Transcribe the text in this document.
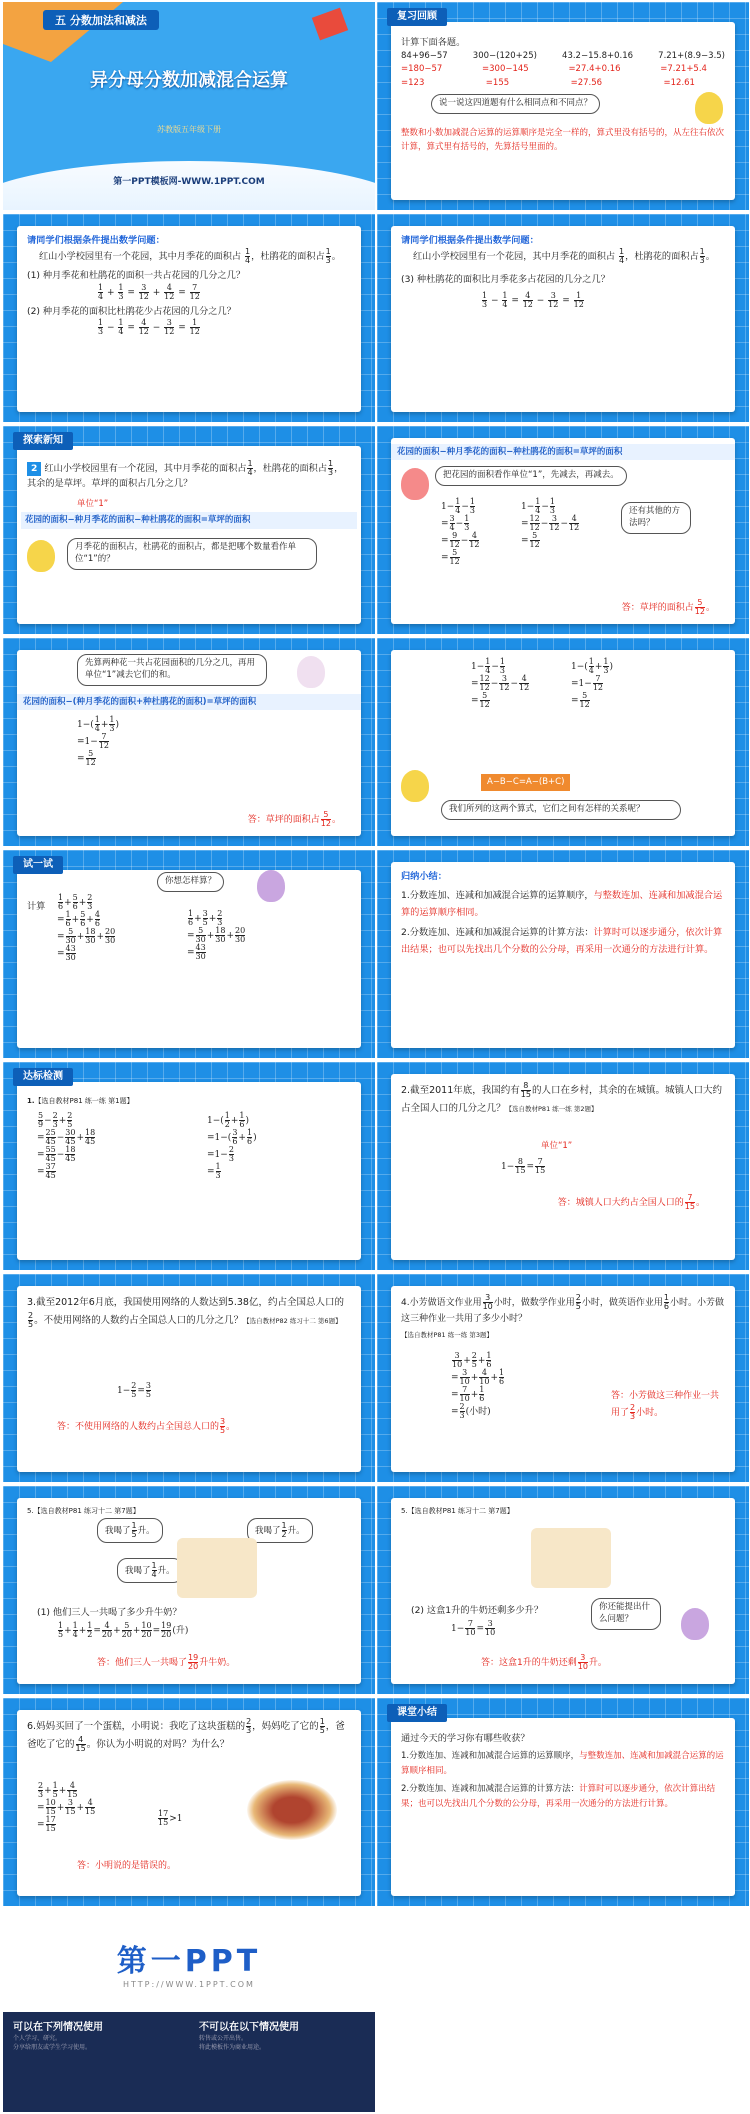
五 分数加法和减法
异分母分数加减混合运算
苏教版五年级下册
第一PPT模板网-WWW.1PPT.COM
复习回顾
计算下面各题。
84+96−57	300−(120+25)	43.2−15.8+0.16	7.21+(8.9−3.5)
=180−57	=300−145	=27.4+0.16	=7.21+5.4
=123	=155	=27.56	=12.61
说一说这四道题有什么相同点和不同点？
整数和小数加减混合运算的运算顺序是完全一样的，算式里没有括号的，从左往右依次计算，算式里有括号的，先算括号里面的。
请同学们根据条件提出数学问题：
红山小学校园里有一个花园，其中月季花的面积占 $\frac{1}{4}$ ，杜鹃花的面积占 $\frac{1}{3}$ 。
(1) 种月季花和杜鹃花的面积一共占花园的几分之几？
$\frac{1}{4} + \frac{1}{3} = \frac{3}{12} + \frac{4}{12} = \frac{7}{12}$
(2) 种月季花的面积比杜鹃花少占花园的几分之几？
$\frac{1}{3} - \frac{1}{4} = \frac{4}{12} - \frac{3}{12} = \frac{1}{12}$
请同学们根据条件提出数学问题：
红山小学校园里有一个花园，其中月季花的面积占 $\frac{1}{4}$ ，杜鹃花的面积占 $\frac{1}{3}$ 。
(3) 种杜鹃花的面积比月季花多占花园的几分之几？
$\frac{1}{3} - \frac{1}{4} = \frac{4}{12} - \frac{3}{12} = \frac{1}{12}$
探索新知
2 红山小学校园里有一个花园，其中月季花的面积占 $\frac{1}{4}$ ，杜鹃花的面积占 $\frac{1}{3}$ ，其余的是草坪。草坪的面积占几分之几？
单位“1”
花园的面积−种月季花的面积−种杜鹃花的面积=草坪的面积
月季花的面积占，杜鹃花的面积占，都是把哪个数量看作单位“1”的？
花园的面积−种月季花的面积−种杜鹃花的面积=草坪的面积
把花园的面积看作单位“1”，先减去，再减去。
$1- \frac{1}{4} - \frac{1}{3}$

= $\frac{3}{4} - \frac{1}{3}$

= $\frac{9}{12} - \frac{4}{12}$

= $\frac{5}{12}$
$1- \frac{1}{4} - \frac{1}{3}$

= $\frac{12}{12} - \frac{3}{12} - \frac{4}{12}$

= $\frac{5}{12}$
还有其他的方法吗？
答：草坪的面积占 $\frac{5}{12}$ 。
先算两种花一共占花园面积的几分之几，再用单位“1”减去它们的和。
花园的面积−(种月季花的面积+种杜鹃花的面积)=草坪的面积
$1-( \frac{1}{4} + \frac{1}{3}$ )
$=1- \frac{7}{12}$

= $\frac{5}{12}$
答：草坪的面积占 $\frac{5}{12}$ 。
$1- \frac{1}{4} - \frac{1}{3}$

= $\frac{12}{12} - \frac{3}{12} - \frac{4}{12}$

= $\frac{5}{12}$
$1-( \frac{1}{4} + \frac{1}{3}$ )
$=1- \frac{7}{12}$

= $\frac{5}{12}$
A−B−C=A−(B+C)
我们所列的这两个算式，它们之间有怎样的关系呢？
试一试
你想怎样算？
计算 $\frac{1}{6} + \frac{5}{6} + \frac{2}{3}$

= $\frac{1}{6} + \frac{5}{6} + \frac{4}{6}$

= $\frac{5}{30} + \frac{18}{30} + \frac{20}{30}$

= $\frac{43}{30}$
$\frac{1}{6} + \frac{3}{5} + \frac{2}{3}$

= $\frac{5}{30} + \frac{18}{30} + \frac{20}{30}$

= $\frac{43}{30}$
归纳小结：
1.分数连加、连减和加减混合运算的运算顺序，与整数连加、连减和加减混合运算的运算顺序相同。
2.分数连加、连减和加减混合运算的计算方法：计算时可以逐步通分，依次计算出结果；也可以先找出几个分数的公分母，再采用一次通分的方法进行计算。
达标检测
1.【选自教材P81 练一练 第1题】
$\frac{5}{9} - \frac{2}{3} + \frac{2}{5}$

= $\frac{25}{45} - \frac{30}{45} + \frac{18}{45}$

= $\frac{55}{45} - \frac{18}{45}$

= $\frac{37}{45}$
$1-( \frac{1}{2} + \frac{1}{6}$ )
$=1-( \frac{3}{6} + \frac{1}{6}$ )
$=1- \frac{2}{3}$

= $\frac{1}{3}$
2.截至2011年底，我国约有 $\frac{8}{15}$ 的人口在乡村，其余的在城镇。城镇人口大约占全国人口的几分之几？【选自教材P81 练一练 第2题】
单位“1”
$1- \frac{8}{15} = \frac{7}{15}$
答：城镇人口大约占全国人口的 $\frac{7}{15}$ 。
3.截至2012年6月底，我国使用网络的人数达到5.38亿，约占全国总人口的
$\frac{2}{5}$ 。不使用网络的人数约占全国总人口的几分之几？【选自教材P82 练习十二 第6题】
$1- \frac{2}{5} = \frac{3}{5}$
答：不使用网络的人数约占全国总人口的 $\frac{3}{5}$ 。
4.小芳做语文作业用 $\frac{3}{10}$ 小时，做数学作业用 $\frac{2}{5}$ 小时，做英语作业用 $\frac{1}{6}$ 小时。小芳做这三种作业一共用了多少小时？
【选自教材P81 练一练 第3题】
$\frac{3}{10} + \frac{2}{5} + \frac{1}{6}$

= $\frac{3}{10} + \frac{4}{10} + \frac{1}{6}$

= $\frac{7}{10} + \frac{1}{6}$

= $\frac{2}{3}$ (小时)
答：小芳做这三种作业一共用了 $\frac{2}{3}$ 小时。
5.【选自教材P81 练习十二 第7题】
我喝了 $\frac{1}{5}$ 升。	我喝了 $\frac{1}{2}$ 升。
我喝了 $\frac{1}{4}$ 升。
(1) 他们三人一共喝了多少升牛奶？
$\frac{1}{5} + \frac{1}{4} + \frac{1}{2} = \frac{4}{20} + \frac{5}{20} + \frac{10}{20} = \frac{19}{20}$ (升)
答：他们三人一共喝了 $\frac{19}{20}$ 升牛奶。
5.【选自教材P81 练习十二 第7题】
(2) 这盒1升的牛奶还剩多少升？
$1- \frac{7}{10} = \frac{3}{10}$
你还能提出什么问题？
答：这盒1升的牛奶还剩 $\frac{3}{10}$ 升。
6.妈妈买回了一个蛋糕，小明说：我吃了这块蛋糕的 $\frac{2}{3}$ ，妈妈吃了它的 $\frac{1}{5}$ ，爸爸吃了它的 $\frac{4}{15}$ 。你认为小明说的对吗？为什么？
$\frac{2}{3} + \frac{1}{5} + \frac{4}{15}$

= $\frac{10}{15} + \frac{3}{15} + \frac{4}{15}$

= $\frac{17}{15}$	$\frac{17}{15} >1$
答：小明说的是错误的。
课堂小结
通过今天的学习你有哪些收获？
1.分数连加、连减和加减混合运算的运算顺序，与整数连加、连减和加减混合运算的运算顺序相同。
2.分数连加、连减和加减混合运算的计算方法：计算时可以逐步通分，依次计算出结果；也可以先找出几个分数的公分母，再采用一次通分的方法进行计算。
第一PPT
HTTP://WWW.1PPT.COM
可以在下列情况使用
个人学习、研究。
分享给朋友或学生学习使用。
不可以在以下情况使用
转售或公开出售。
将此模板作为商业用途。
